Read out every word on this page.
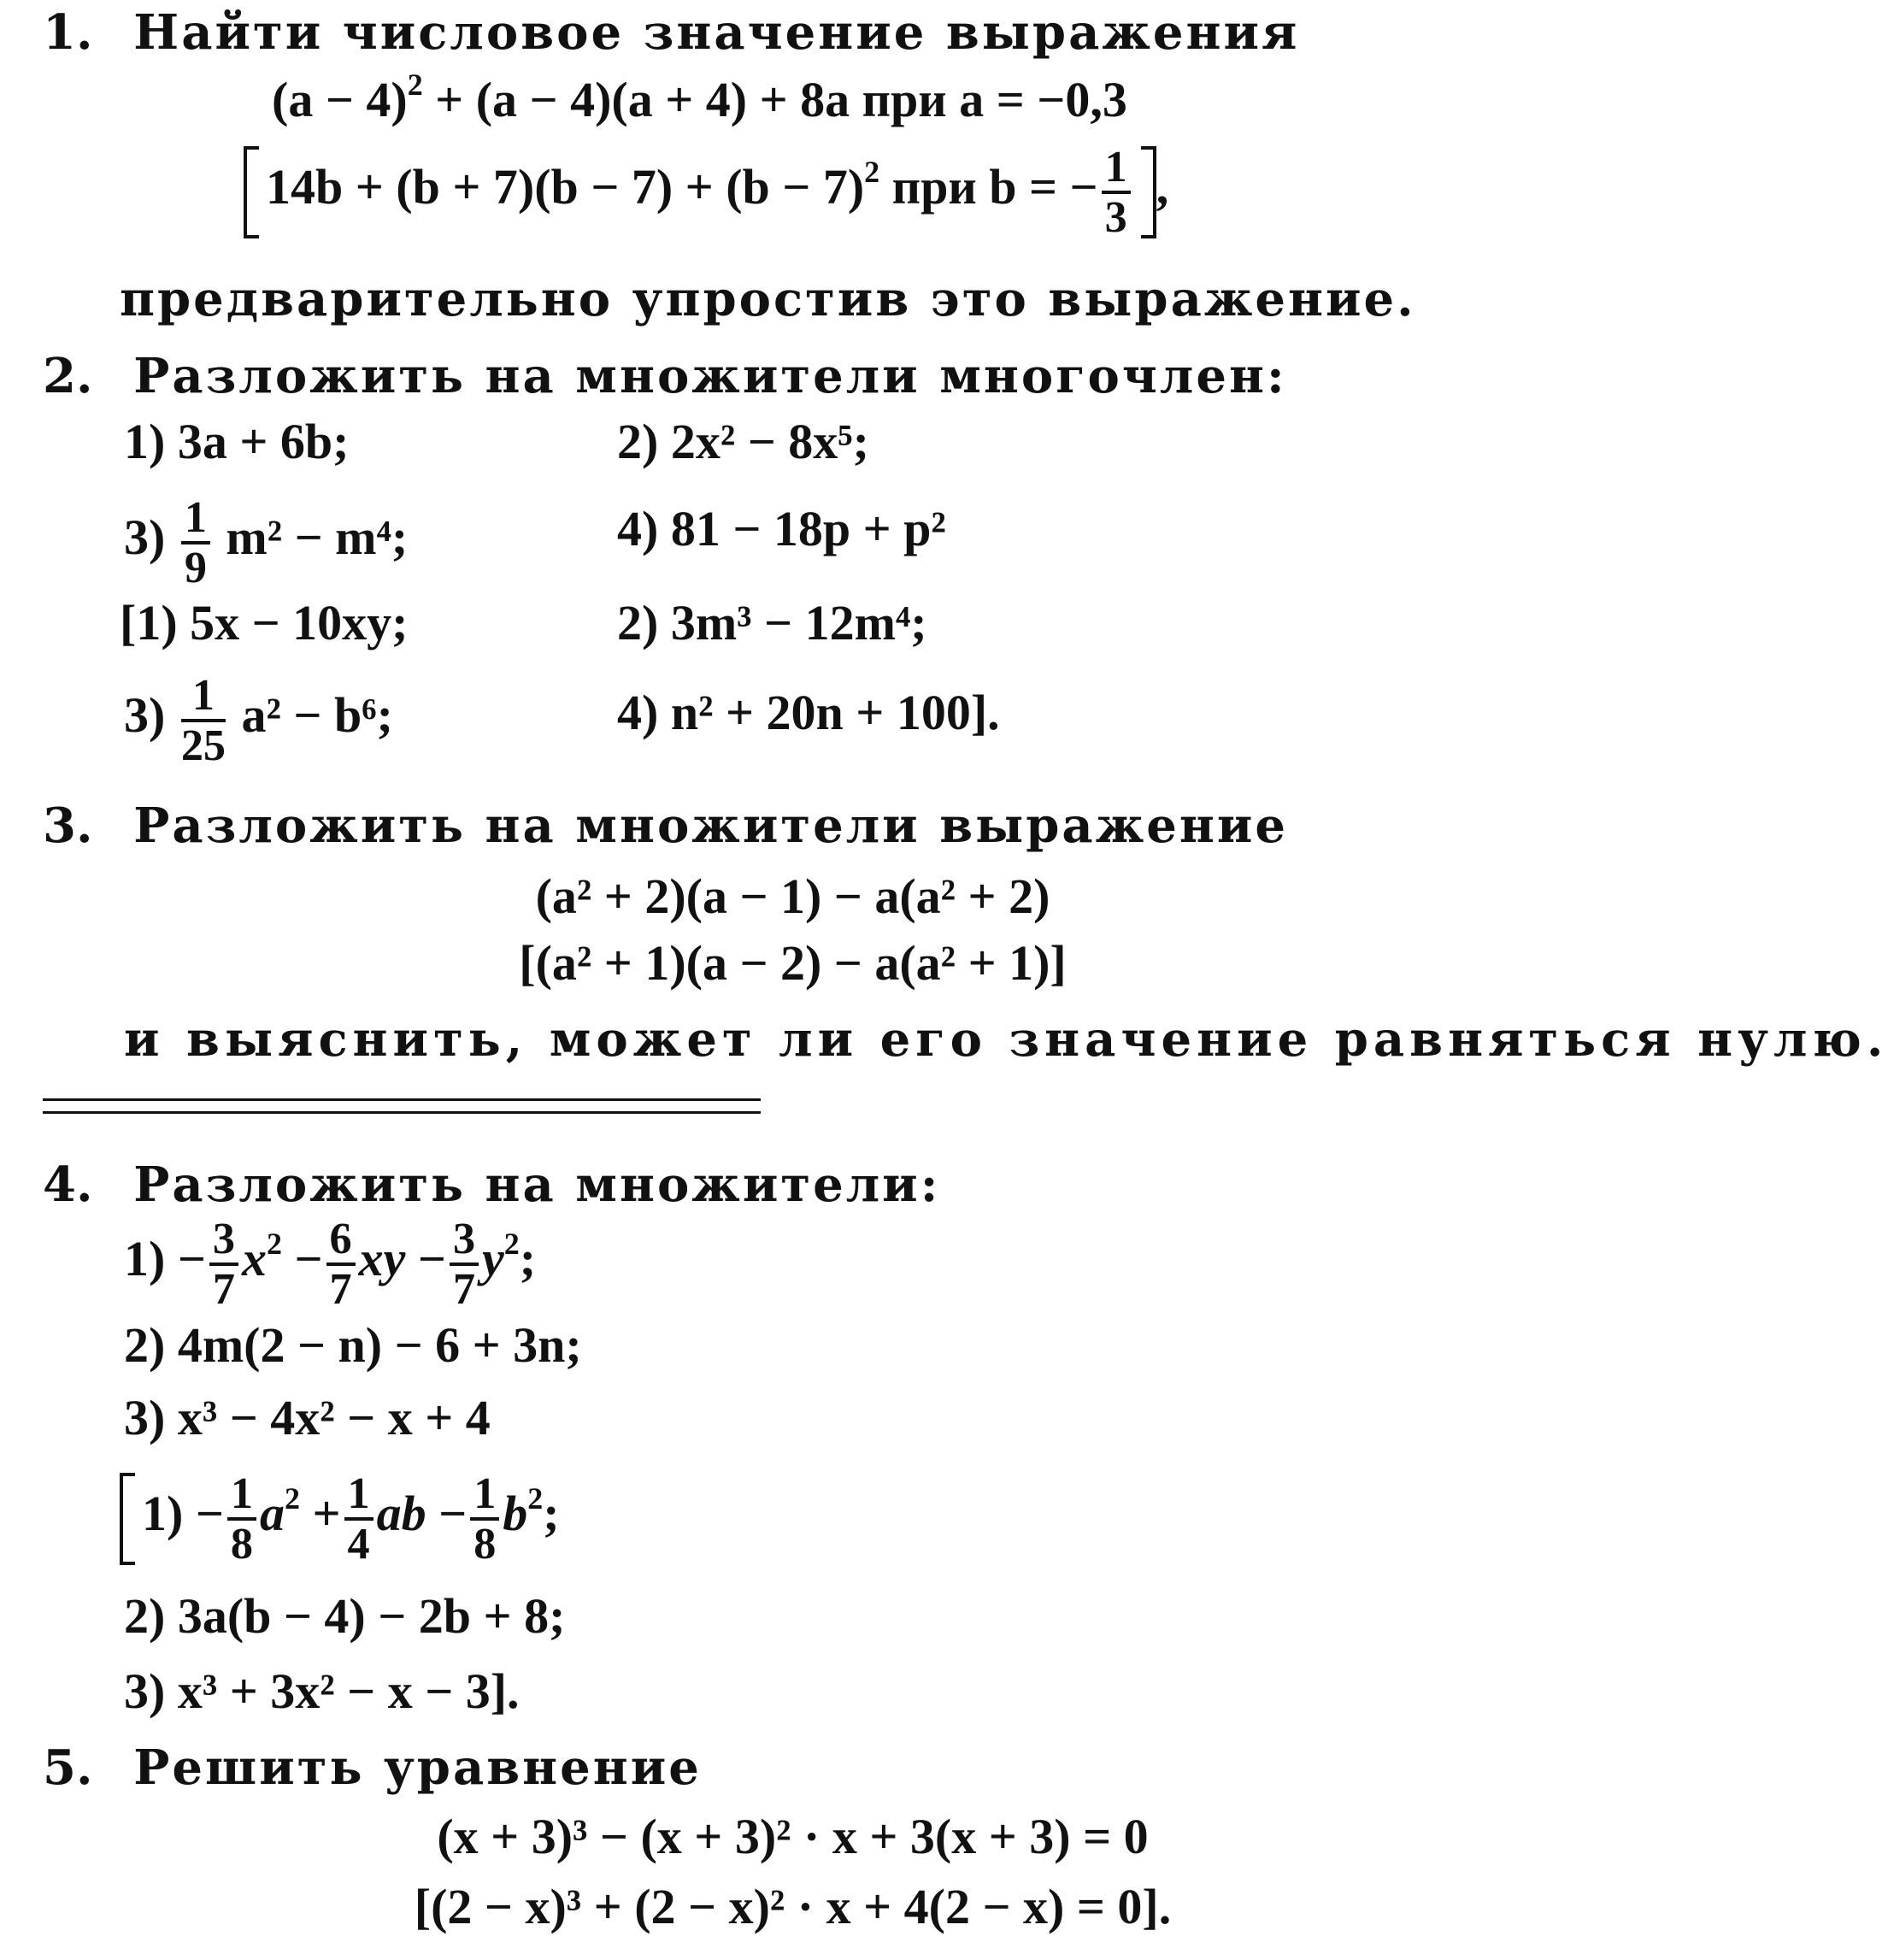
1. Найти числовое значение выражения
$(a - 4)^2 + (a - 4)(a + 4) + 8a$ при a = −0,3
$14b + (b + 7)(b - 7) + (b - 7)^2$ при b = − $\frac{1}{3}$ ,
предварительно упростив это выражение.
2. Разложить на множители многочлен:
1) 3a + 6b;	2) 2x² − 8x⁵;
$3) \frac{1}{9} m^2 - m^4$;	4) 81 − 18p + p²
[1) 5x − 10xy;	2) 3m³ − 12m⁴;
$3) \frac{1}{25} a^2 - b^6$;	4) n² + 20n + 100].
3. Разложить на множители выражение
(a² + 2)(a − 1) − a(a² + 2)
[(a² + 1)(a − 2) − a(a² + 1)]
и выяснить, может ли его значение равняться нулю.
4. Разложить на множители:
$1) - \frac{3}{7} x^2 - \frac{6}{7}$ xy − $\frac{3}{7} y^2$;
2) 4m(2 − n) − 6 + 3n;
3) x³ − 4x² − x + 4
$1) - \frac{1}{8} a^2 + \frac{1}{4}$ ab − $\frac{1}{8} b^2$;
2) 3a(b − 4) − 2b + 8;
3) x³ + 3x² − x − 3].
5. Решить уравнение
(x + 3)³ − (x + 3)² · x + 3(x + 3) = 0
[(2 − x)³ + (2 − x)² · x + 4(2 − x) = 0].
